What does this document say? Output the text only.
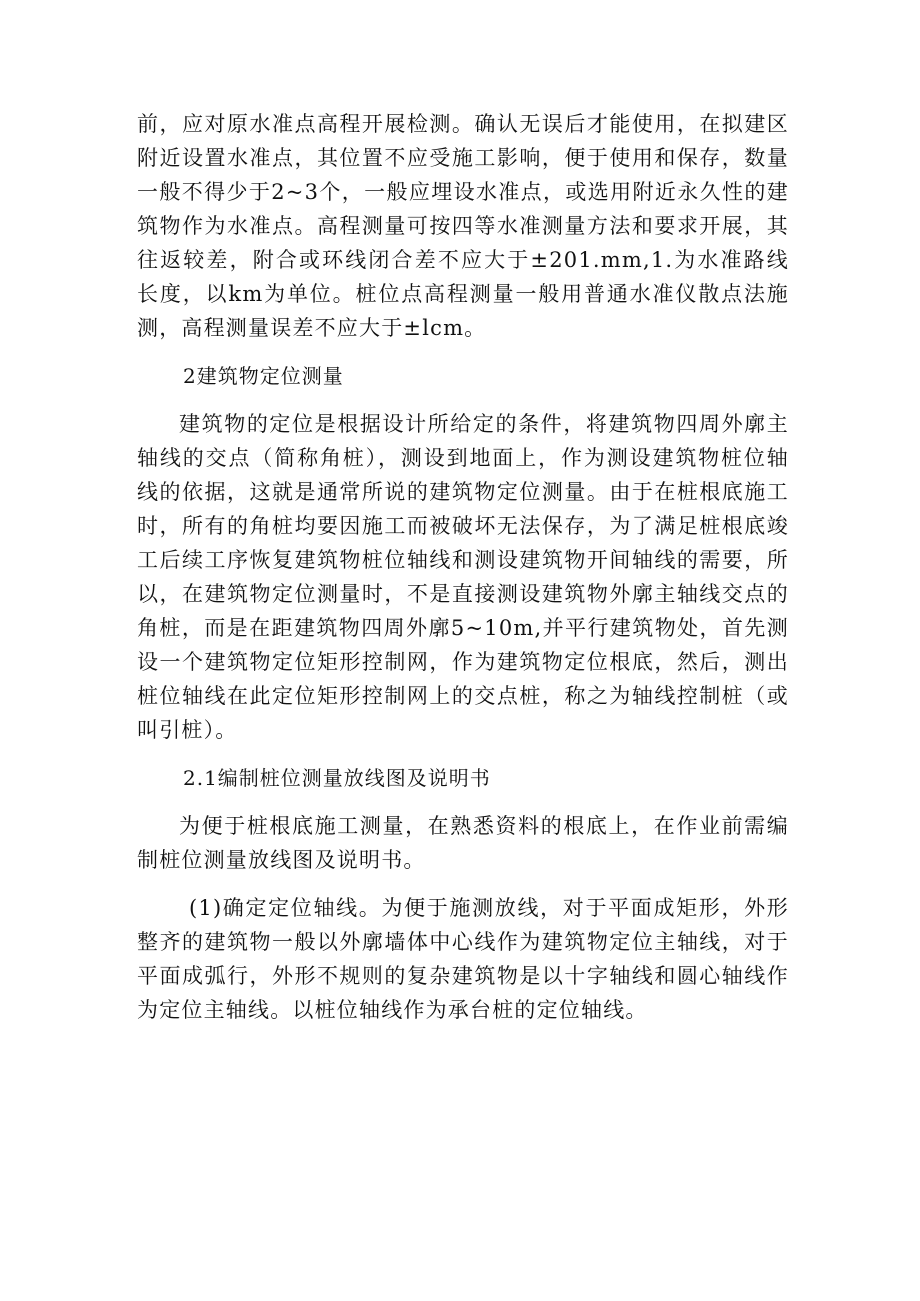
前，应对原水准点高程开展检测。确认无误后才能使用，在拟建区附近设置水准点，其位置不应受施工影响，便于使用和保存，数量一般不得少于2~3个，一般应埋设水准点，或选用附近永久性的建筑物作为水准点。高程测量可按四等水准测量方法和要求开展，其往返较差，附合或环线闭合差不应大于±201.mm,1.为水准路线长度，以km为单位。桩位点高程测量一般用普通水准仪散点法施测，高程测量误差不应大于±lcm。

2建筑物定位测量

建筑物的定位是根据设计所给定的条件，将建筑物四周外廓主轴线的交点（简称角桩），测设到地面上，作为测设建筑物桩位轴线的依据，这就是通常所说的建筑物定位测量。由于在桩根底施工时，所有的角桩均要因施工而被破坏无法保存，为了满足桩根底竣工后续工序恢复建筑物桩位轴线和测设建筑物开间轴线的需要，所以，在建筑物定位测量时，不是直接测设建筑物外廓主轴线交点的角桩，而是在距建筑物四周外廓5~10m,并平行建筑物处，首先测设一个建筑物定位矩形控制网，作为建筑物定位根底，然后，测出桩位轴线在此定位矩形控制网上的交点桩，称之为轴线控制桩（或叫引桩）。

2.1编制桩位测量放线图及说明书

为便于桩根底施工测量，在熟悉资料的根底上，在作业前需编制桩位测量放线图及说明书。

(1)确定定位轴线。为便于施测放线，对于平面成矩形，外形整齐的建筑物一般以外廓墙体中心线作为建筑物定位主轴线，对于平面成弧行，外形不规则的复杂建筑物是以十字轴线和圆心轴线作为定位主轴线。以桩位轴线作为承台桩的定位轴线。
